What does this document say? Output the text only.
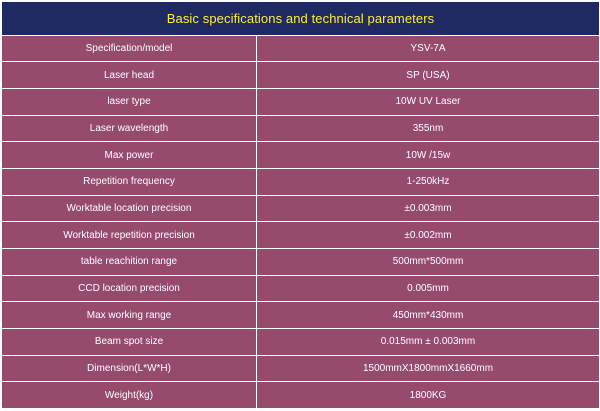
Basic specifications and technical parameters	
Specification/model	YSV-7A
Laser head	SP (USA)
laser type	10W UV Laser
Laser wavelength	355nm
Max power	10W /15w
Repetition frequency	1-250kHz
Worktable location precision	±0.003mm
Worktable repetition precision	±0.002mm
table reachition range	500mm*500mm
CCD location precision	0.005mm
Max working range	450mm*430mm
Beam spot size	0.015mm ± 0.003mm
Dimension(L*W*H)	1500mmX1800mmX1660mm
Weight(kg)	1800KG
